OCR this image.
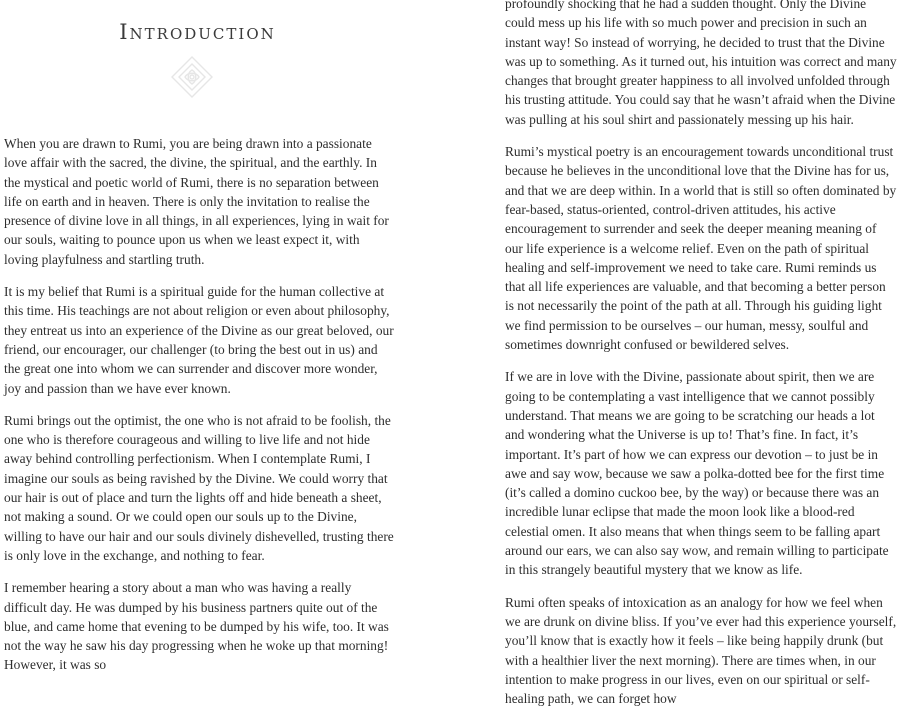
Introduction

When you are drawn to Rumi, you are being drawn into a passionate love affair with the sacred, the divine, the spiritual, and the earthly. In the mystical and poetic world of Rumi, there is no separation between life on earth and in heaven. There is only the invitation to realise the presence of divine love in all things, in all experiences, lying in wait for our souls, waiting to pounce upon us when we least expect it, with loving playfulness and startling truth.

It is my belief that Rumi is a spiritual guide for the human collective at this time. His teachings are not about religion or even about philosophy, they entreat us into an experience of the Divine as our great beloved, our friend, our encourager, our challenger (to bring the best out in us) and the great one into whom we can surrender and discover more wonder, joy and passion than we have ever known.

Rumi brings out the optimist, the one who is not afraid to be foolish, the one who is therefore courageous and willing to live life and not hide away behind controlling perfectionism. When I contemplate Rumi, I imagine our souls as being ravished by the Divine. We could worry that our hair is out of place and turn the lights off and hide beneath a sheet, not making a sound. Or we could open our souls up to the Divine, willing to have our hair and our souls divinely dishevelled, trusting there is only love in the exchange, and nothing to fear.

I remember hearing a story about a man who was having a really difficult day. He was dumped by his business partners quite out of the blue, and came home that evening to be dumped by his wife, too. It was not the way he saw his day progressing when he woke up that morning! However, it was so

profoundly shocking that he had a sudden thought. Only the Divine could mess up his life with so much power and precision in such an instant way! So instead of worrying, he decided to trust that the Divine was up to something. As it turned out, his intuition was correct and many changes that brought greater happiness to all involved unfolded through his trusting attitude. You could say that he wasn’t afraid when the Divine was pulling at his soul shirt and passionately messing up his hair.

Rumi’s mystical poetry is an encouragement towards unconditional trust because he believes in the unconditional love that the Divine has for us, and that we are deep within. In a world that is still so often dominated by fear-based, status-oriented, control-driven attitudes, his active encouragement to surrender and seek the deeper meaning meaning of our life experience is a welcome relief. Even on the path of spiritual healing and self-improvement we need to take care. Rumi reminds us that all life experiences are valuable, and that becoming a better person is not necessarily the point of the path at all. Through his guiding light we find permission to be ourselves – our human, messy, soulful and sometimes downright confused or bewildered selves.

If we are in love with the Divine, passionate about spirit, then we are going to be contemplating a vast intelligence that we cannot possibly understand. That means we are going to be scratching our heads a lot and wondering what the Universe is up to! That’s fine. In fact, it’s important. It’s part of how we can express our devotion – to just be in awe and say wow, because we saw a polka-dotted bee for the first time (it’s called a domino cuckoo bee, by the way) or because there was an incredible lunar eclipse that made the moon look like a blood-red celestial omen. It also means that when things seem to be falling apart around our ears, we can also say wow, and remain willing to participate in this strangely beautiful mystery that we know as life.

Rumi often speaks of intoxication as an analogy for how we feel when we are drunk on divine bliss. If you’ve ever had this experience yourself, you’ll know that is exactly how it feels – like being happily drunk (but with a healthier liver the next morning). There are times when, in our intention to make progress in our lives, even on our spiritual or self-healing path, we can forget how
